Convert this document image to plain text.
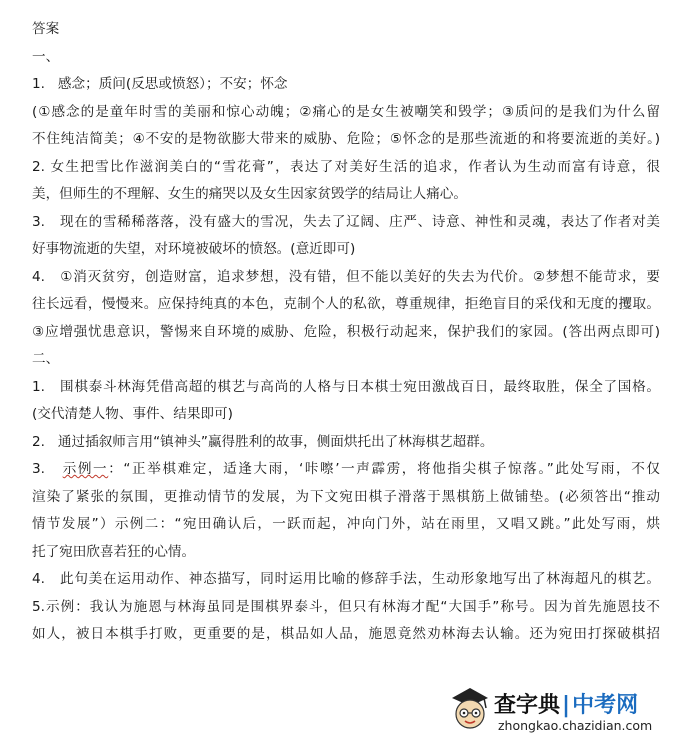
答案
一、
1.   感念；质问(反思或愤怒）；不安；怀念
(①感念的是童年时雪的美丽和惊心动魄；②痛心的是女生被嘲笑和毁学；③质问的是我们为什么留
不住纯洁简美；④不安的是物欲膨大带来的威胁、危险；⑤怀念的是那些流逝的和将要流逝的美好。)
2. 女生把雪比作滋润美白的“雪花膏”，表达了对美好生活的追求，作者认为生动而富有诗意，很
美，但师生的不理解、女生的痛哭以及女生因家贫毁学的结局让人痛心。
3.   现在的雪稀稀落落，没有盛大的雪况，失去了辽阔、庄严、诗意、神性和灵魂，表达了作者对美
好事物流逝的失望，对环境被破坏的愤怒。(意近即可)
4.   ①消灭贫穷，创造财富，追求梦想，没有错，但不能以美好的失去为代价。②梦想不能苛求，要
往长远看，慢慢来。应保持纯真的本色，克制个人的私欲，尊重规律，拒绝盲目的采伐和无度的攫取。
③应增强忧患意识，警惕来自环境的威胁、危险，积极行动起来，保护我们的家园。(答出两点即可)
二、
1.   围棋泰斗林海凭借高超的棋艺与高尚的人格与日本棋士宛田激战百日，最终取胜，保全了国格。
(交代清楚人物、事件、结果即可)
2.   通过插叙师言用“镇神头”赢得胜利的故事，侧面烘托出了林海棋艺超群。
3.   示例一：“正举棋难定，适逢大雨，‘咔嚓’一声霹雳，将他指尖棋子惊落。”此处写雨，不仅
渲染了紧张的氛围，更推动情节的发展，为下文宛田棋子滑落于黑棋筋上做铺垫。(必须答出“推动
情节发展”）示例二：“宛田确认后，一跃而起，冲向门外，站在雨里，又唱又跳。”此处写雨，烘
托了宛田欣喜若狂的心情。
4.   此句美在运用动作、神态描写，同时运用比喻的修辞手法，生动形象地写出了林海超凡的棋艺。
5.示例：我认为施恩与林海虽同是围棋界泰斗，但只有林海才配“大国手”称号。因为首先施恩技不
如人，被日本棋手打败，更重要的是，棋品如人品，施恩竟然劝林海去认输。还为宛田打探破棋招
查字典|中考网
zhongkao.chazidian.com
